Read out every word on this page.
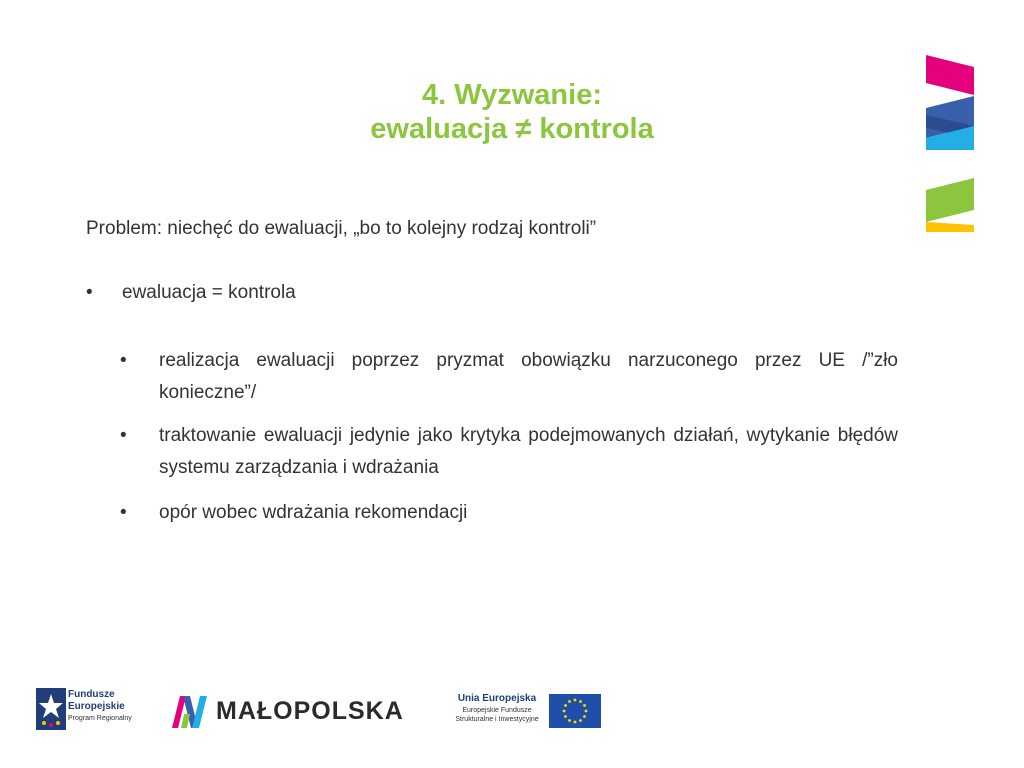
4. Wyzwanie:
ewaluacja ≠ kontrola
Problem: niechęć do ewaluacji, „bo to kolejny rodzaj kontroli”
• ewaluacja = kontrola
• realizacja ewaluacji poprzez pryzmat obowiązku narzuconego przez UE /”zło konieczne”/
• traktowanie ewaluacji jedynie jako krytyka podejmowanych działań, wytykanie błędów systemu zarządzania i wdrażania
• opór wobec wdrażania rekomendacji
Fundusze
Europejskie
Program Regionalny	MAŁOPOLSKA	Unia Europejska
Europejskie Fundusze
Strukturalne i Inwestycyjne
